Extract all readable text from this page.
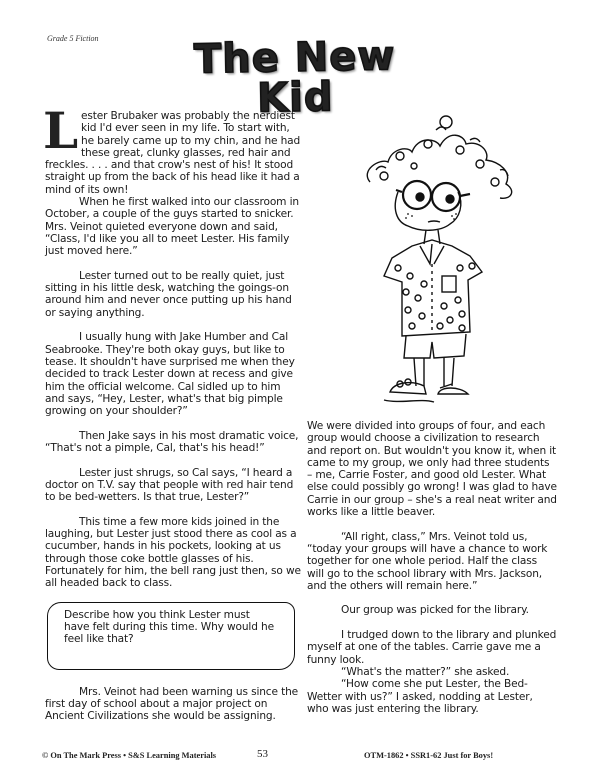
Grade 5 Fiction	The New Kid

Lester Brubaker was probably the nerdiest kid I'd ever seen in my life. To start with, he barely came up to my chin, and he had these great, clunky glasses, red hair and freckles. . . . and that crow's nest of his! It stood straight up from the back of his head like it had a mind of its own!

When he first walked into our classroom in October, a couple of the guys started to snicker. Mrs. Veinot quieted everyone down and said, “Class, I'd like you all to meet Lester. His family just moved here.”

Lester turned out to be really quiet, just sitting in his little desk, watching the goings-on around him and never once putting up his hand or saying anything.

I usually hung with Jake Humber and Cal Seabrooke. They're both okay guys, but like to tease. It shouldn't have surprised me when they decided to track Lester down at recess and give him the official welcome. Cal sidled up to him and says, “Hey, Lester, what's that big pimple growing on your shoulder?”

Then Jake says in his most dramatic voice, “That's not a pimple, Cal, that's his head!”

Lester just shrugs, so Cal says, “I heard a doctor on T.V. say that people with red hair tend to be bed-wetters. Is that true, Lester?”

This time a few more kids joined in the laughing, but Lester just stood there as cool as a cucumber, hands in his pockets, looking at us through those coke bottle glasses of his. Fortunately for him, the bell rang just then, so we all headed back to class.

Describe how you think Lester must have felt during this time. Why would he feel like that?

Mrs. Veinot had been warning us since the first day of school about a major project on Ancient Civilizations she would be assigning.

We were divided into groups of four, and each group would choose a civilization to research and report on. But wouldn't you know it, when it came to my group, we only had three students – me, Carrie Foster, and good old Lester. What else could possibly go wrong! I was glad to have Carrie in our group – she's a real neat writer and works like a little beaver.

“All right, class,” Mrs. Veinot told us, “today your groups will have a chance to work together for one whole period. Half the class will go to the school library with Mrs. Jackson, and the others will remain here.”

Our group was picked for the library.

I trudged down to the library and plunked myself at one of the tables. Carrie gave me a funny look.

“What's the matter?” she asked.

“How come she put Lester, the Bed-Wetter with us?” I asked, nodding at Lester, who was just entering the library.

© On The Mark Press • S&S Learning Materials	53	OTM-1862 • SSR1-62 Just for Boys!
